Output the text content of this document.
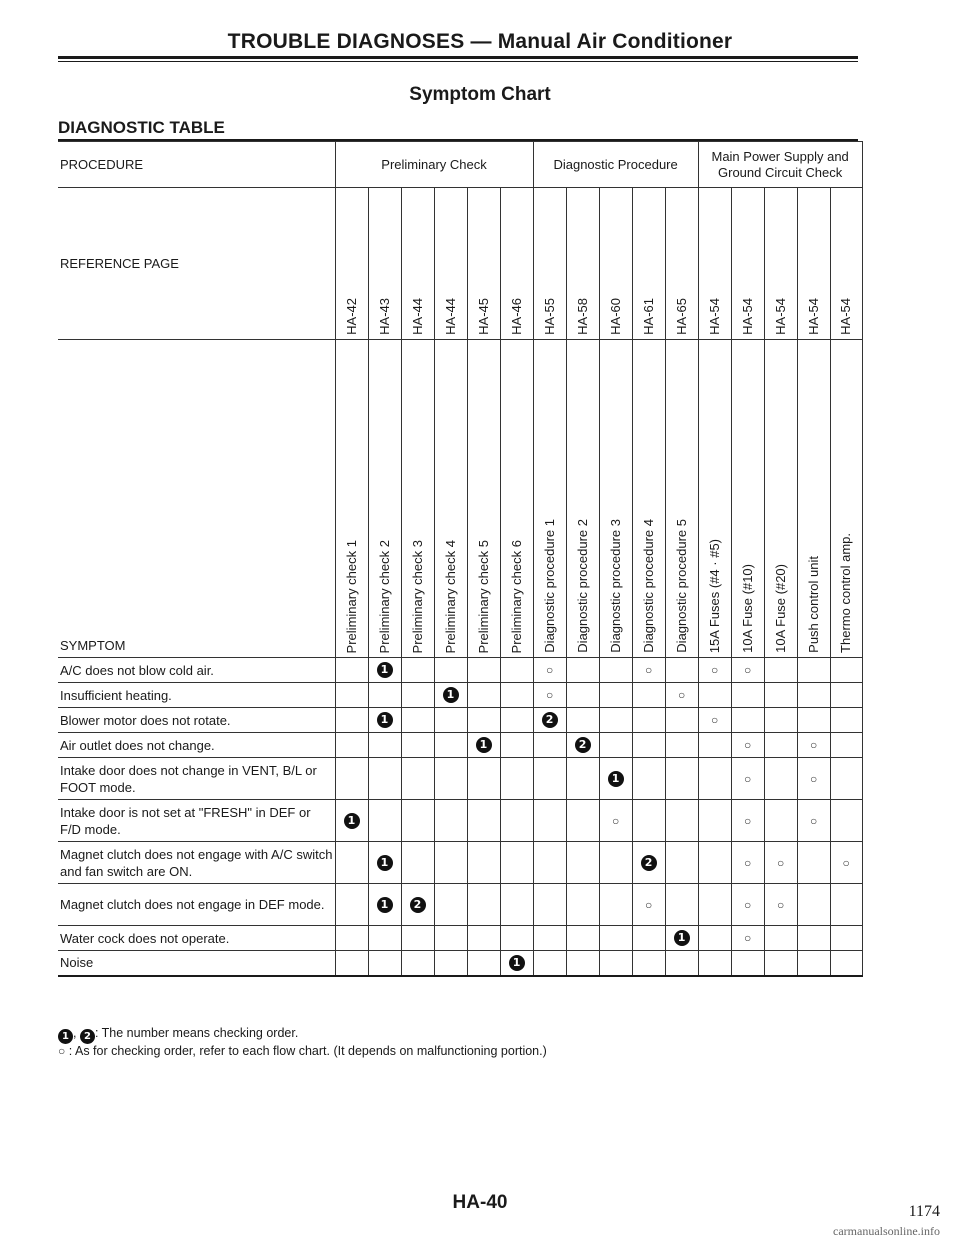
TROUBLE DIAGNOSES — Manual Air Conditioner
Symptom Chart
DIAGNOSTIC TABLE
PROCEDURE	Preliminary Check						Diagnostic Procedure					Main Power Supply and Ground Circuit Check				
REFERENCE PAGE	HA-42	HA-43	HA-44	HA-44	HA-45	HA-46	HA-55	HA-58	HA-60	HA-61	HA-65	HA-54	HA-54	HA-54	HA-54	HA-54

SYMPTOM	Preliminary check 1	Preliminary check 2	Preliminary check 3	Preliminary check 4	Preliminary check 5	Preliminary check 6	Diagnostic procedure 1	Diagnostic procedure 2	Diagnostic procedure 3	Diagnostic procedure 4	Diagnostic procedure 5	15A Fuses (#4 · #5)	10A Fuse (#10)	10A Fuse (#20)	Push control unit	Thermo control amp.

A/C does not blow cold air.		1					○			○		○	○			
Insufficient heating.				1			○				○					
Blower motor does not rotate.		1					2					○				
Air outlet does not change.					1			2					○		○	
Intake door does not change in VENT, B/L or FOOT mode.									1				○		○	
Intake door is not set at "FRESH" in DEF or F/D mode.	1								○				○		○	
Magnet clutch does not engage with A/C switch and fan switch are ON.		1								2			○	○		○
Magnet clutch does not engage in DEF mode.		1	2							○			○	○		
Water cock does not operate.											1		○			
Noise						1										
1 , 2 : The number means checking order.
○ : As for checking order, refer to each flow chart. (It depends on malfunctioning portion.)
HA-40	1174
carmanualsonline.info
